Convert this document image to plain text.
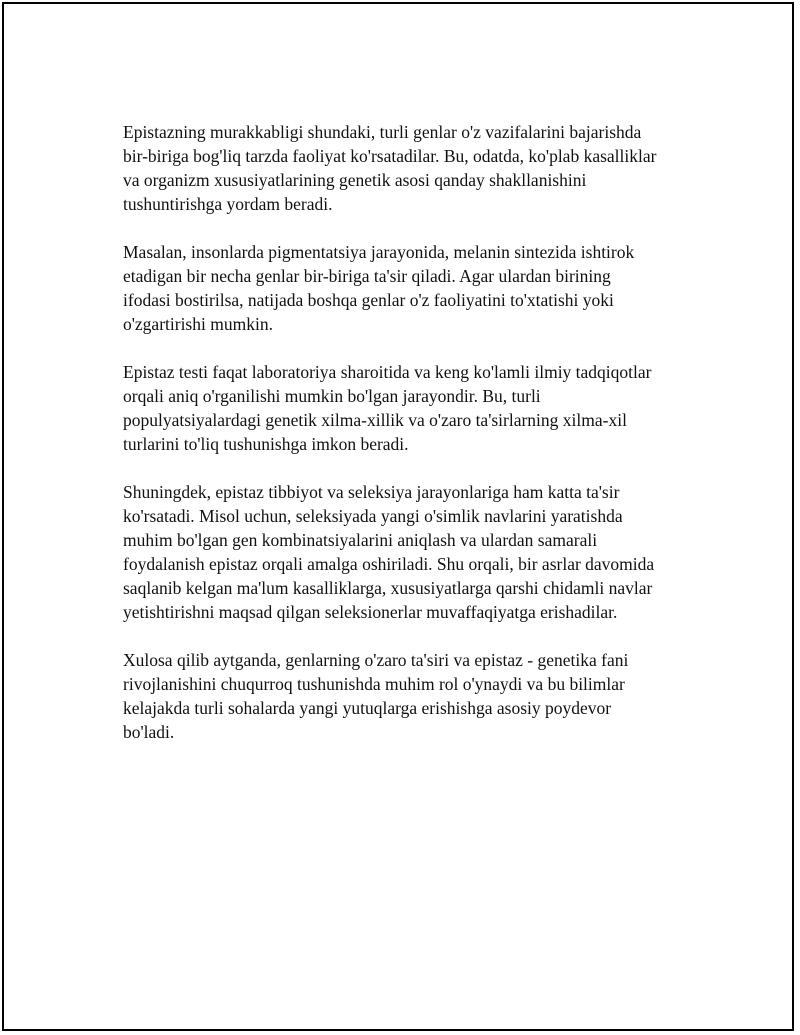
Epistazning murakkabligi shundaki, turli genlar o'z vazifalarini bajarishda
bir-biriga bog'liq tarzda faoliyat ko'rsatadilar. Bu, odatda, ko'plab kasalliklar
va organizm xususiyatlarining genetik asosi qanday shakllanishini
tushuntirishga yordam beradi.

Masalan, insonlarda pigmentatsiya jarayonida, melanin sintezida ishtirok
etadigan bir necha genlar bir-biriga ta'sir qiladi. Agar ulardan birining
ifodasi bostirilsa, natijada boshqa genlar o'z faoliyatini to'xtatishi yoki
o'zgartirishi mumkin.

Epistaz testi faqat laboratoriya sharoitida va keng ko'lamli ilmiy tadqiqotlar
orqali aniq o'rganilishi mumkin bo'lgan jarayondir. Bu, turli
populyatsiyalardagi genetik xilma-xillik va o'zaro ta'sirlarning xilma-xil
turlarini to'liq tushunishga imkon beradi.

Shuningdek, epistaz tibbiyot va seleksiya jarayonlariga ham katta ta'sir
ko'rsatadi. Misol uchun, seleksiyada yangi o'simlik navlarini yaratishda
muhim bo'lgan gen kombinatsiyalarini aniqlash va ulardan samarali
foydalanish epistaz orqali amalga oshiriladi. Shu orqali, bir asrlar davomida
saqlanib kelgan ma'lum kasalliklarga, xususiyatlarga qarshi chidamli navlar
yetishtirishni maqsad qilgan seleksionerlar muvaffaqiyatga erishadilar.

Xulosa qilib aytganda, genlarning o'zaro ta'siri va epistaz - genetika fani
rivojlanishini chuqurroq tushunishda muhim rol o'ynaydi va bu bilimlar
kelajakda turli sohalarda yangi yutuqlarga erishishga asosiy poydevor
bo'ladi.
